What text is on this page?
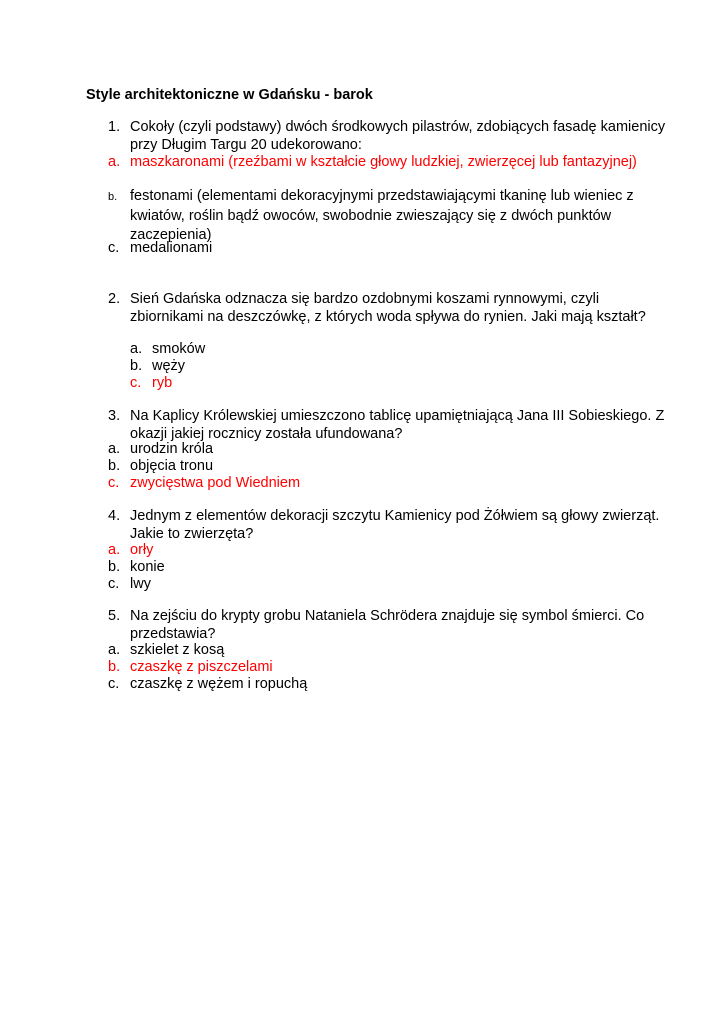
Style architektoniczne w Gdańsku - barok
1. Cokoły (czyli podstawy) dwóch środkowych pilastrów, zdobiących fasadę kamienicy przy Długim Targu 20 udekorowano:
a. maszkaronami (rzeźbami w kształcie głowy ludzkiej, zwierzęcej lub fantazyjnej)
b. festonami (elementami dekoracyjnymi przedstawiającymi tkaninę lub wieniec z kwiatów, roślin bądź owoców, swobodnie zwieszający się z dwóch punktów zaczepienia)
c. medalionami
2. Sień Gdańska odznacza się bardzo ozdobnymi koszami rynnowymi, czyli zbiornikami na deszczówkę, z których woda spływa do rynien. Jaki mają kształt?
a. smoków
b. węży
c. ryb
3. Na Kaplicy Królewskiej umieszczono tablicę upamiętniającą Jana III Sobieskiego. Z okazji jakiej rocznicy została ufundowana?
a. urodzin króla
b. objęcia tronu
c. zwycięstwa pod Wiedniem
4. Jednym z elementów dekoracji szczytu Kamienicy pod Żółwiem są głowy zwierząt. Jakie to zwierzęta?
a. orły
b. konie
c. lwy
5. Na zejściu do krypty grobu Nataniela Schrödera znajduje się symbol śmierci. Co przedstawia?
a. szkielet z kosą
b. czaszkę z piszczelami
c. czaszkę z wężem i ropuchą
